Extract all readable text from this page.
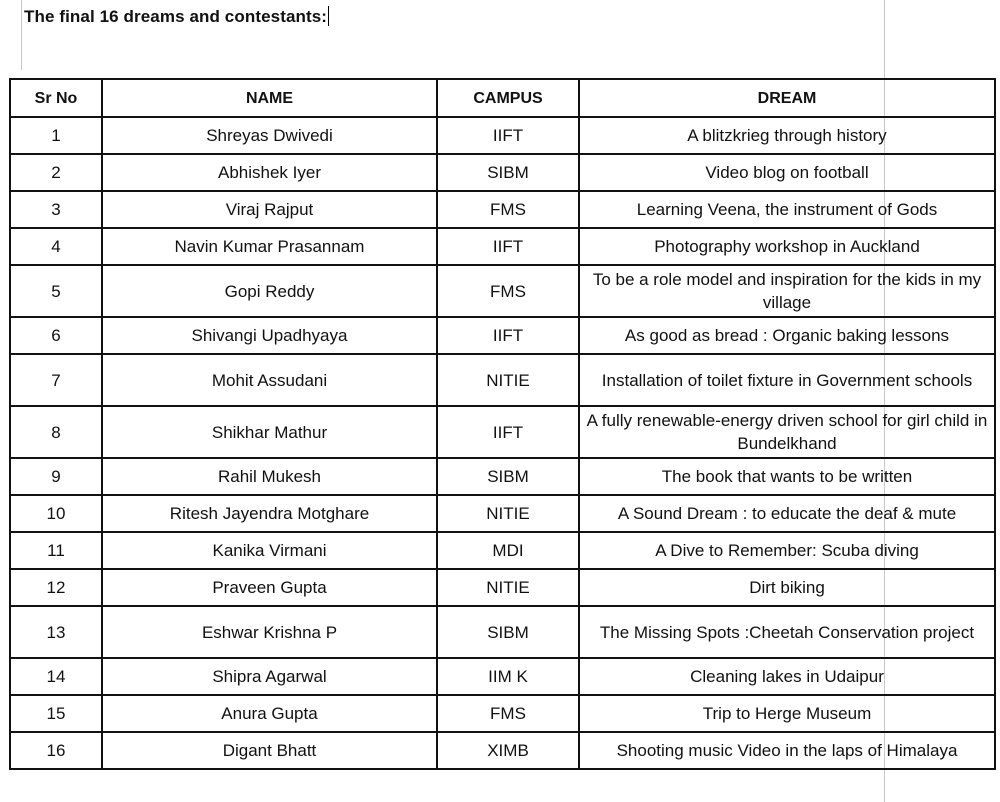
The final 16 dreams and contestants:
Sr No	NAME	CAMPUS	DREAM
1	Shreyas Dwivedi	IIFT	A blitzkrieg through history
2	Abhishek Iyer	SIBM	Video blog on football
3	Viraj Rajput	FMS	Learning Veena, the instrument of Gods
4	Navin Kumar Prasannam	IIFT	Photography workshop in Auckland
5	Gopi Reddy	FMS	To be a role model and inspiration for the kids in my village
6	Shivangi Upadhyaya	IIFT	As good as bread : Organic baking lessons
7	Mohit Assudani	NITIE	Installation of toilet fixture in Government schools
8	Shikhar Mathur	IIFT	A fully renewable-energy driven school for girl child in Bundelkhand
9	Rahil Mukesh	SIBM	The book that wants to be written
10	Ritesh Jayendra Motghare	NITIE	A Sound Dream : to educate the deaf & mute
11	Kanika Virmani	MDI	A Dive to Remember: Scuba diving
12	Praveen Gupta	NITIE	Dirt biking
13	Eshwar Krishna P	SIBM	The Missing Spots :Cheetah Conservation project
14	Shipra Agarwal	IIM K	Cleaning lakes in Udaipur
15	Anura Gupta	FMS	Trip to Herge Museum
16	Digant Bhatt	XIMB	Shooting music Video in the laps of Himalaya
